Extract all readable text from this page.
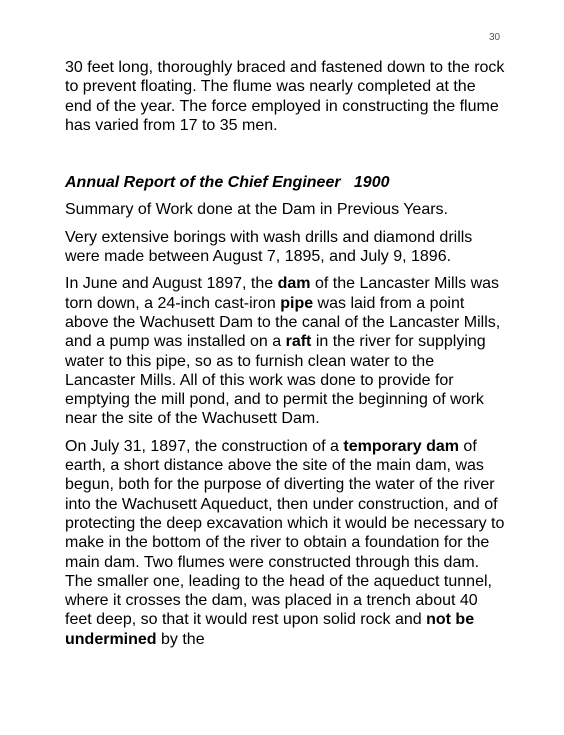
30

30 feet long, thoroughly braced and fastened down to the rock to prevent floating. The flume was nearly completed at the end of the year. The force employed in constructing the flume has varied from 17 to 35 men.

Annual Report of the Chief Engineer   1900

Summary of Work done at the Dam in Previous Years.

Very extensive borings with wash drills and diamond drills were made between August 7, 1895, and July 9, 1896.

In June and August 1897, the dam of the Lancaster Mills was torn down, a 24-inch cast-iron pipe was laid from a point above the Wachusett Dam to the canal of the Lancaster Mills, and a pump was installed on a raft in the river for supplying water to this pipe, so as to furnish clean water to the Lancaster Mills. All of this work was done to provide for emptying the mill pond, and to permit the beginning of work near the site of the Wachusett Dam.

On July 31, 1897, the construction of a temporary dam of earth, a short distance above the site of the main dam, was begun, both for the purpose of diverting the water of the river into the Wachusett Aqueduct, then under construction, and of protecting the deep excavation which it would be necessary to make in the bottom of the river to obtain a foundation for the main dam. Two flumes were constructed through this dam. The smaller one, leading to the head of the aqueduct tunnel, where it crosses the dam, was placed in a trench about 40 feet deep, so that it would rest upon solid rock and not be undermined by the
